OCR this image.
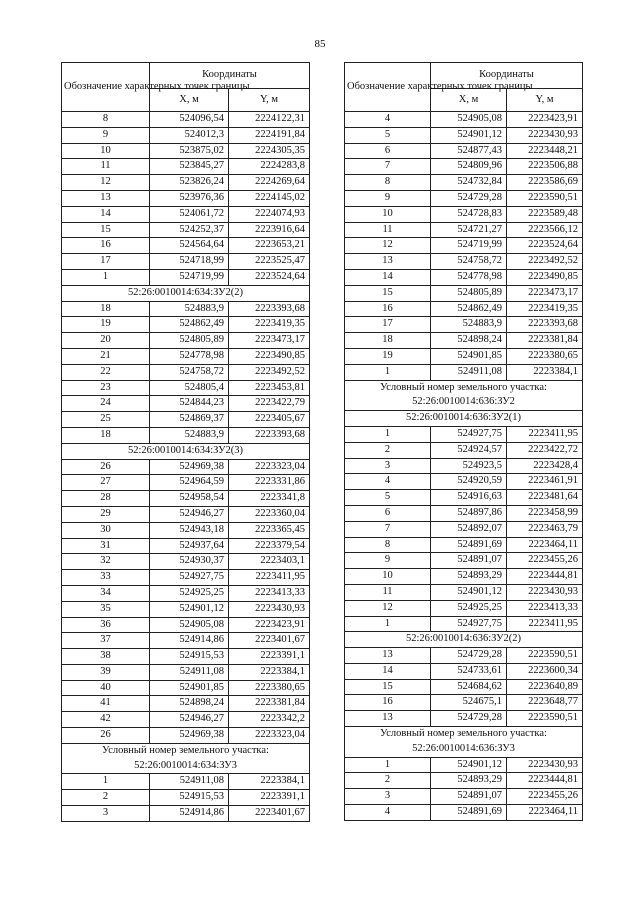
85
Обозначение характерных точек границы	Координаты	
	X, м	Y, м
8	524096,54	2224122,31
9	524012,3	2224191,84
10	523875,02	2224305,35
11	523845,27	2224283,8
12	523826,24	2224269,64
13	523976,36	2224145,02
14	524061,72	2224074,93
15	524252,37	2223916,64
16	524564,64	2223653,21
17	524718,99	2223525,47
1	524719,99	2223524,64
52:26:0010014:634:ЗУ2(2)		
18	524883,9	2223393,68
19	524862,49	2223419,35
20	524805,89	2223473,17
21	524778,98	2223490,85
22	524758,72	2223492,52
23	524805,4	2223453,81
24	524844,23	2223422,79
25	524869,37	2223405,67
18	524883,9	2223393,68
52:26:0010014:634:ЗУ2(3)		
26	524969,38	2223323,04
27	524964,59	2223331,86
28	524958,54	2223341,8
29	524946,27	2223360,04
30	524943,18	2223365,45
31	524937,64	2223379,54
32	524930,37	2223403,1
33	524927,75	2223411,95
34	524925,25	2223413,33
35	524901,12	2223430,93
36	524905,08	2223423,91
37	524914,86	2223401,67
38	524915,53	2223391,1
39	524911,08	2223384,1
40	524901,85	2223380,65
41	524898,24	2223381,84
42	524946,27	2223342,2
26	524969,38	2223323,04

Условный номер земельного участка:
52:26:0010014:634:ЗУ3		

1	524911,08	2223384,1
2	524915,53	2223391,1
3	524914,86	2223401,67
Обозначение характерных точек границы	Координаты	
	X, м	Y, м
4	524905,08	2223423,91
5	524901,12	2223430,93
6	524877,43	2223448,21
7	524809,96	2223506,88
8	524732,84	2223586,69
9	524729,28	2223590,51
10	524728,83	2223589,48
11	524721,27	2223566,12
12	524719,99	2223524,64
13	524758,72	2223492,52
14	524778,98	2223490,85
15	524805,89	2223473,17
16	524862,49	2223419,35
17	524883,9	2223393,68
18	524898,24	2223381,84
19	524901,85	2223380,65
1	524911,08	2223384,1

Условный номер земельного участка:
52:26:0010014:636:ЗУ2		

52:26:0010014:636:ЗУ2(1)		
1	524927,75	2223411,95
2	524924,57	2223422,72
3	524923,5	2223428,4
4	524920,59	2223461,91
5	524916,63	2223481,64
6	524897,86	2223458,99
7	524892,07	2223463,79
8	524891,69	2223464,11
9	524891,07	2223455,26
10	524893,29	2223444,81
11	524901,12	2223430,93
12	524925,25	2223413,33
1	524927,75	2223411,95
52:26:0010014:636:ЗУ2(2)		
13	524729,28	2223590,51
14	524733,61	2223600,34
15	524684,62	2223640,89
16	524675,1	2223648,77
13	524729,28	2223590,51

Условный номер земельного участка:
52:26:0010014:636:ЗУ3		

1	524901,12	2223430,93
2	524893,29	2223444,81
3	524891,07	2223455,26
4	524891,69	2223464,11
